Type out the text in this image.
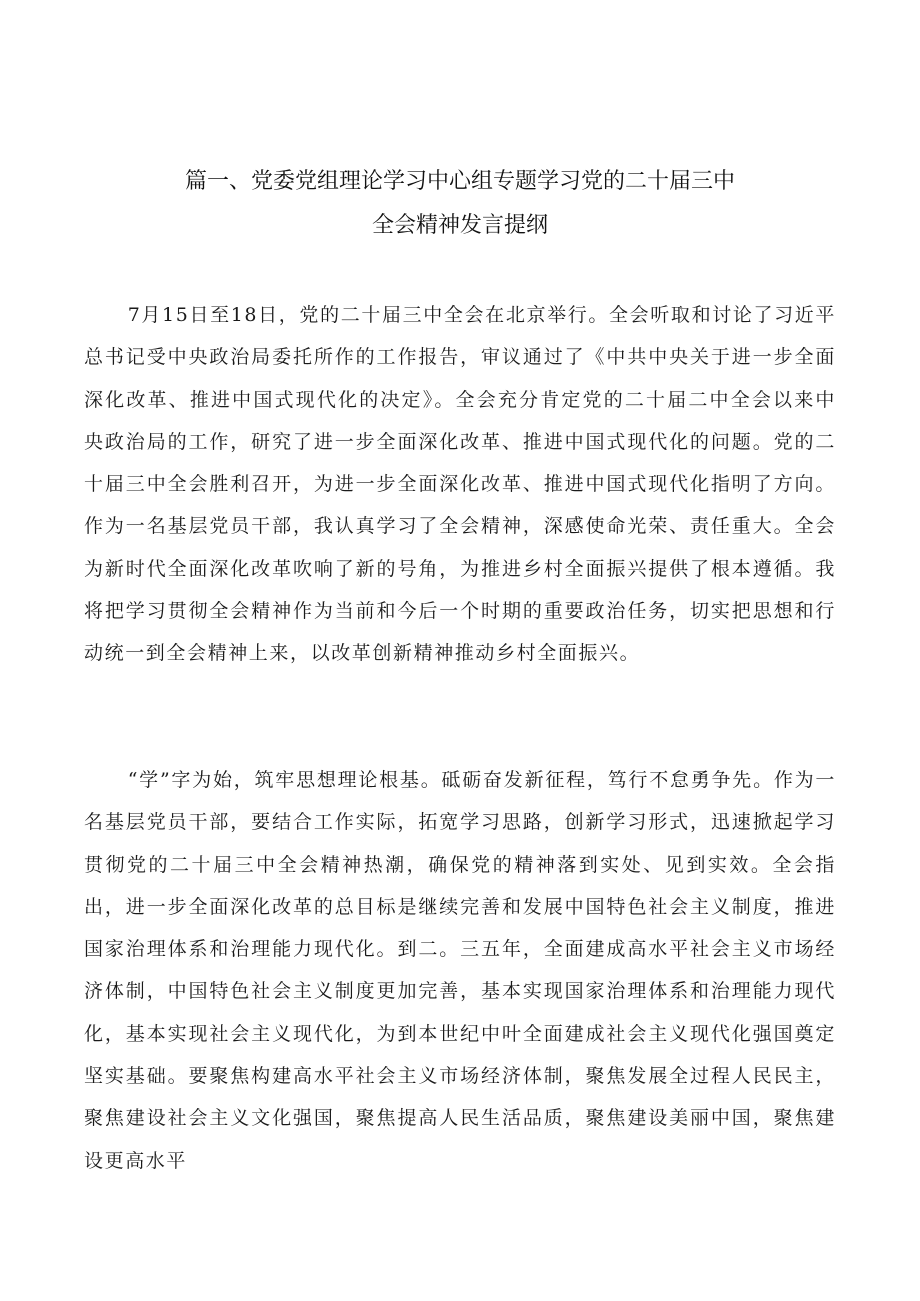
篇一、党委党组理论学习中心组专题学习党的二十届三中
全会精神发言提纲

7月15日至18日，党的二十届三中全会在北京举行。全会听取和讨论了习近平总书记受中央政治局委托所作的工作报告，审议通过了《中共中央关于进一步全面深化改革、推进中国式现代化的决定》。全会充分肯定党的二十届二中全会以来中央政治局的工作，研究了进一步全面深化改革、推进中国式现代化的问题。党的二十届三中全会胜利召开，为进一步全面深化改革、推进中国式现代化指明了方向。作为一名基层党员干部，我认真学习了全会精神，深感使命光荣、责任重大。全会为新时代全面深化改革吹响了新的号角，为推进乡村全面振兴提供了根本遵循。我将把学习贯彻全会精神作为当前和今后一个时期的重要政治任务，切实把思想和行动统一到全会精神上来，以改革创新精神推动乡村全面振兴。

“学”字为始，筑牢思想理论根基。砥砺奋发新征程，笃行不怠勇争先。作为一名基层党员干部，要结合工作实际，拓宽学习思路，创新学习形式，迅速掀起学习贯彻党的二十届三中全会精神热潮，确保党的精神落到实处、见到实效。全会指出，进一步全面深化改革的总目标是继续完善和发展中国特色社会主义制度，推进国家治理体系和治理能力现代化。到二。三五年，全面建成高水平社会主义市场经济体制，中国特色社会主义制度更加完善，基本实现国家治理体系和治理能力现代化，基本实现社会主义现代化，为到本世纪中叶全面建成社会主义现代化强国奠定坚实基础。要聚焦构建高水平社会主义市场经济体制，聚焦发展全过程人民民主，聚焦建设社会主义文化强国，聚焦提高人民生活品质，聚焦建设美丽中国，聚焦建设更高水平
